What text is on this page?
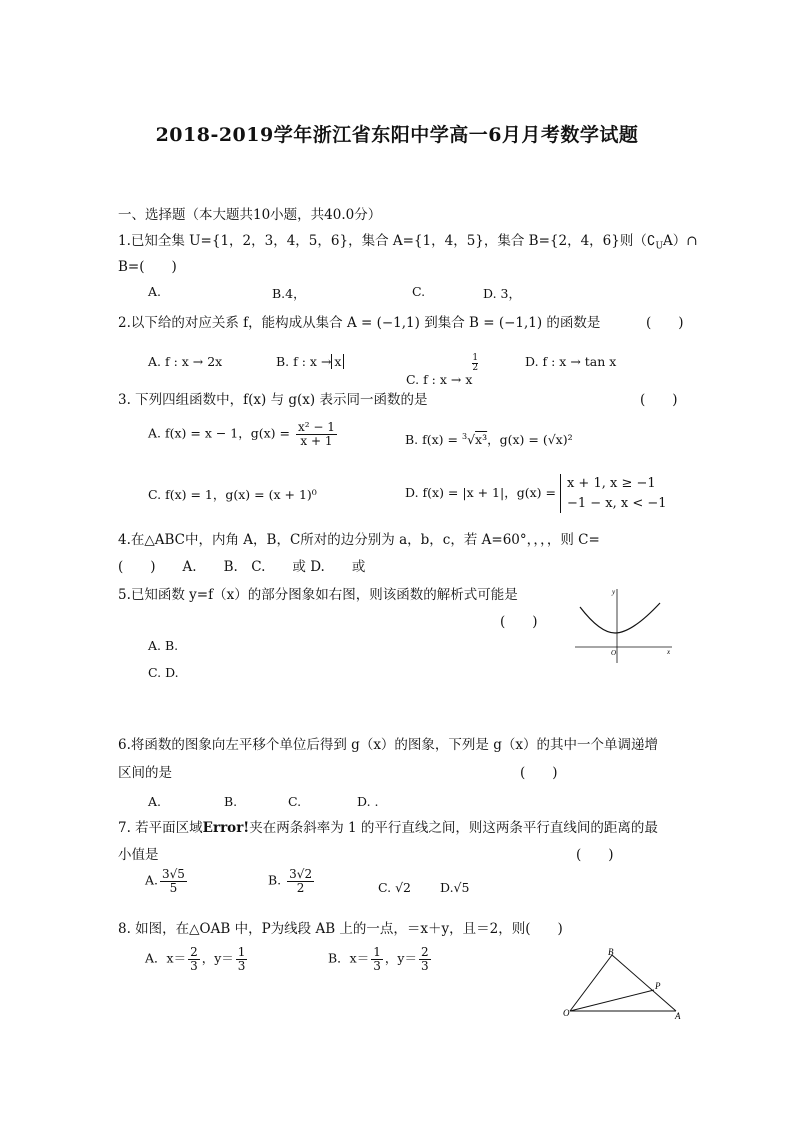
2018-2019学年浙江省东阳中学高一6月月考数学试题
一、选择题（本大题共10小题，共40.0分）
1.已知全集 U={1，2，3，4，5，6}，集合 A={1，4，5}，集合 B={2，4，6}则$(∁_UA)\cap$
B=(　　)
A.	B.4，	C.	D. 3，
2.以下给的对应关系 f，能构成从集合 A = (−1,1) 到集合 B = (−1,1) 的函数是	(　　)
A. f : x → 2x	B. f : x → x
C. f : x → x
$\frac{1}{2}$	D. f : x → tan x
3. 下列四组函数中，f(x) 与 g(x) 表示同一函数的是	(　　)
A. f(x) = x − 1，$g(x) = \frac{\text{x² − 1}}{x + 1}$	B. f(x) = $^3$√x³，g(x) = (√x)²
C. f(x) = 1，g(x) = (x + 1)⁰	D. f(x) = |x + 1|，g(x) =
x + 1, x ≥ −1
−1 − x, x < −1
4.在△ABC中，内角 A，B，C所对的边分别为 a，b，c，若 A=60°，，，，则 C=
(　　)　　A.　　B.　C.　　或 D.　　或
5.已知函数 y=f（x）的部分图象如右图，则该函数的解析式可能是
(　　)
A. B.
C. D.
y
x
O
6.将函数的图象向左平移个单位后得到 g（x）的图象，下列是 g（x）的其中一个单调递增
区间的是	(　　)
A.	B.	C.	D. .
7. 若平面区域Error!夹在两条斜率为 1 的平行直线之间，则这两条平行直线间的距离的最
小值是	(　　)
A. $\frac{3√5}{5}$	B. $\frac{3√2}{2}$	C. √2 D.√5
8. 如图，在△OAB 中，P为线段 AB 上的一点，＝x＋y，且＝2，则(　　)
A．$x= \frac{2}{3}$ ，$y= \frac{1}{3}$	B．$x= \frac{1}{3}$ ，$y= \frac{2}{3}$	B
P
O	A
